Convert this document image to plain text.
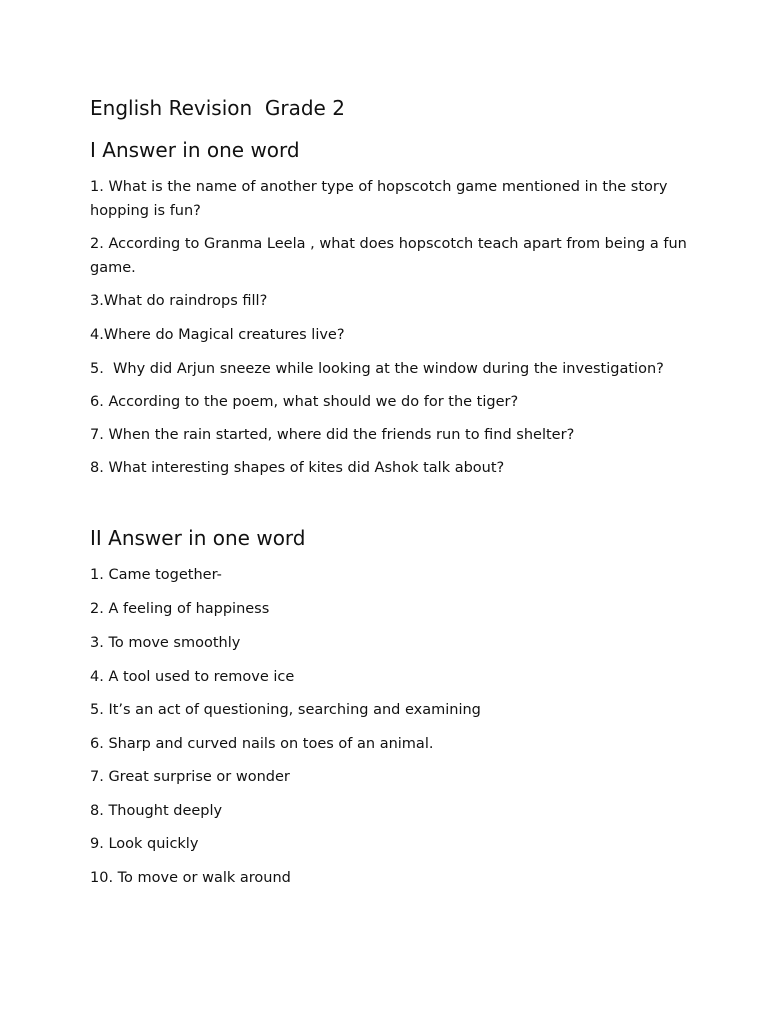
English Revision  Grade 2
I Answer in one word
1. What is the name of another type of hopscotch game mentioned in the story hopping is fun?
2. According to Granma Leela , what does hopscotch teach apart from being a fun game.
3.What do raindrops fill?
4.Where do Magical creatures live?
5.  Why did Arjun sneeze while looking at the window during the investigation?
6. According to the poem, what should we do for the tiger?
7. When the rain started, where did the friends run to find shelter?
8. What interesting shapes of kites did Ashok talk about?
II Answer in one word
1. Came together-
2. A feeling of happiness
3. To move smoothly
4. A tool used to remove ice
5. It’s an act of questioning, searching and examining
6. Sharp and curved nails on toes of an animal.
7. Great surprise or wonder
8. Thought deeply
9. Look quickly
10. To move or walk around
